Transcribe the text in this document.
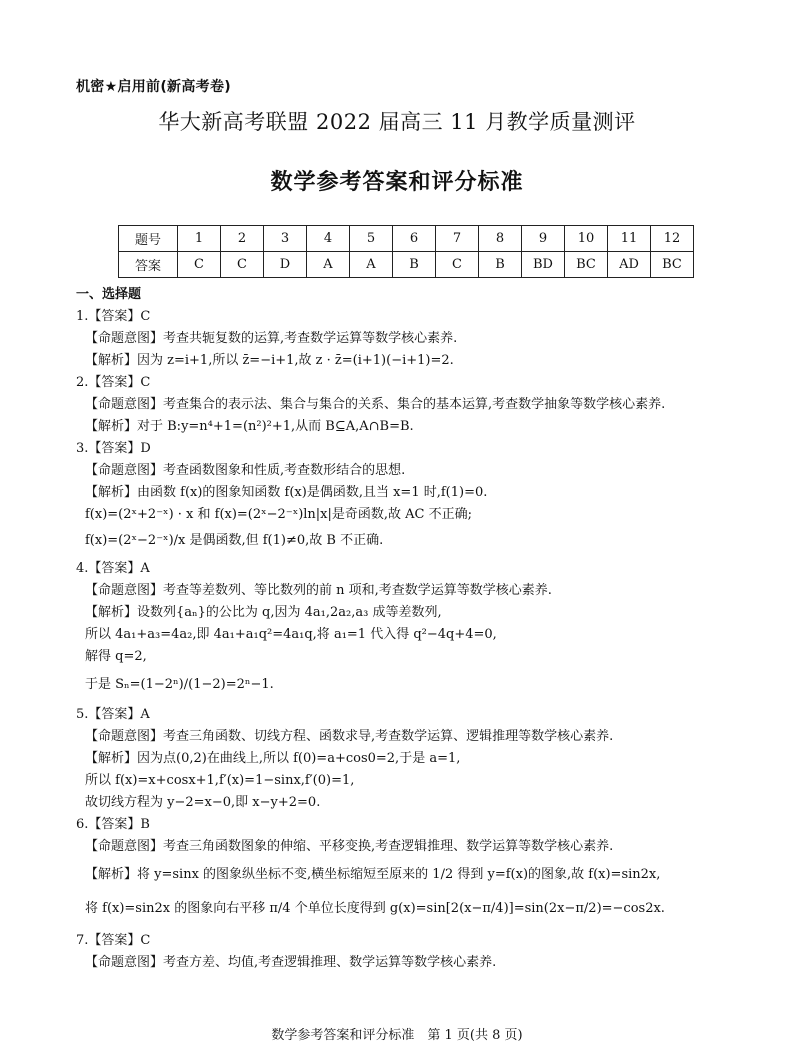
机密★启用前(新高考卷)
华大新高考联盟 2022 届高三 11 月教学质量测评
数学参考答案和评分标准
题号	1	2	3	4	5	6	7	8	9	10	11	12
答案	C	C	D	A	A	B	C	B	BD	BC	AD	BC
一、选择题
1.【答案】C
【命题意图】考查共轭复数的运算,考查数学运算等数学核心素养.
【解析】因为 z=i+1,所以 z̄=−i+1,故 z · z̄=(i+1)(−i+1)=2.
2.【答案】C
【命题意图】考查集合的表示法、集合与集合的关系、集合的基本运算,考查数学抽象等数学核心素养.
【解析】对于 B:y=n⁴+1=(n²)²+1,从而 B⊆A,A∩B=B.
3.【答案】D
【命题意图】考查函数图象和性质,考查数形结合的思想.
【解析】由函数 f(x)的图象知函数 f(x)是偶函数,且当 x=1 时,f(1)=0.
f(x)=(2ˣ+2⁻ˣ) · x 和 f(x)=(2ˣ−2⁻ˣ)ln|x|是奇函数,故 AC 不正确;
f(x)=(2ˣ−2⁻ˣ)/x 是偶函数,但 f(1)≠0,故 B 不正确.
4.【答案】A
【命题意图】考查等差数列、等比数列的前 n 项和,考查数学运算等数学核心素养.
【解析】设数列{aₙ}的公比为 q,因为 4a₁,2a₂,a₃ 成等差数列,
所以 4a₁+a₃=4a₂,即 4a₁+a₁q²=4a₁q,将 a₁=1 代入得 q²−4q+4=0,
解得 q=2,
于是 Sₙ=(1−2ⁿ)/(1−2)=2ⁿ−1.
5.【答案】A
【命题意图】考查三角函数、切线方程、函数求导,考查数学运算、逻辑推理等数学核心素养.
【解析】因为点(0,2)在曲线上,所以 f(0)=a+cos0=2,于是 a=1,
所以 f(x)=x+cosx+1,f′(x)=1−sinx,f′(0)=1,
故切线方程为 y−2=x−0,即 x−y+2=0.
6.【答案】B
【命题意图】考查三角函数图象的伸缩、平移变换,考查逻辑推理、数学运算等数学核心素养.
【解析】将 y=sinx 的图象纵坐标不变,横坐标缩短至原来的 1/2 得到 y=f(x)的图象,故 f(x)=sin2x,
将 f(x)=sin2x 的图象向右平移 π/4 个单位长度得到 g(x)=sin[2(x−π/4)]=sin(2x−π/2)=−cos2x.
7.【答案】C
【命题意图】考查方差、均值,考查逻辑推理、数学运算等数学核心素养.
数学参考答案和评分标准　第 1 页(共 8 页)
